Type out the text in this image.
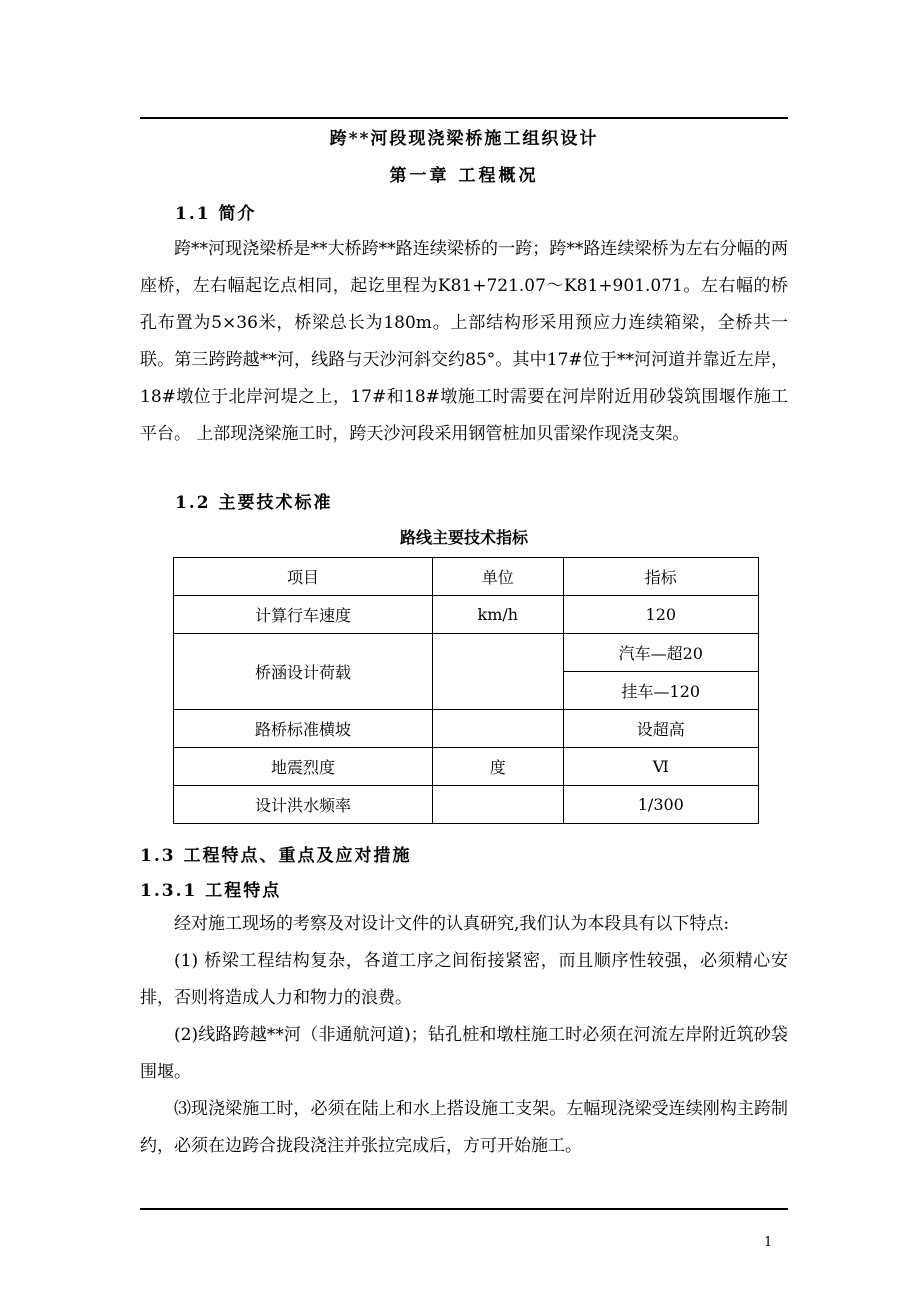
跨**河段现浇梁桥施工组织设计
第一章 工程概况
1.1 简介

跨**河现浇梁桥是**大桥跨**路连续梁桥的一跨；跨**路连续梁桥为左右分幅的两座桥，左右幅起讫点相同，起讫里程为K81+721.07～K81+901.071。左右幅的桥孔布置为5×36米，桥梁总长为180m。上部结构形采用预应力连续箱梁，全桥共一联。第三跨跨越**河，线路与天沙河斜交约85°。其中17#位于**河河道并靠近左岸，18#墩位于北岸河堤之上，17#和18#墩施工时需要在河岸附近用砂袋筑围堰作施工平台。 上部现浇梁施工时，跨天沙河段采用钢管桩加贝雷梁作现浇支架。

1.2 主要技术标准
路线主要技术指标
项目	单位	指标
计算行车速度	km/h	120
桥涵设计荷载		汽车—超20
		挂车—120
路桥标准横坡		设超高
地震烈度	度	Ⅵ
设计洪水频率		1/300
1.3 工程特点、重点及应对措施
1.3.1 工程特点

经对施工现场的考察及对设计文件的认真研究,我们认为本段具有以下特点:

(1) 桥梁工程结构复杂，各道工序之间衔接紧密，而且顺序性较强，必须精心安排，否则将造成人力和物力的浪费。

(2)线路跨越**河（非通航河道)；钻孔桩和墩柱施工时必须在河流左岸附近筑砂袋围堰。

⑶现浇梁施工时，必须在陆上和水上搭设施工支架。左幅现浇梁受连续刚构主跨制约，必须在边跨合拢段浇注并张拉完成后，方可开始施工。

1
